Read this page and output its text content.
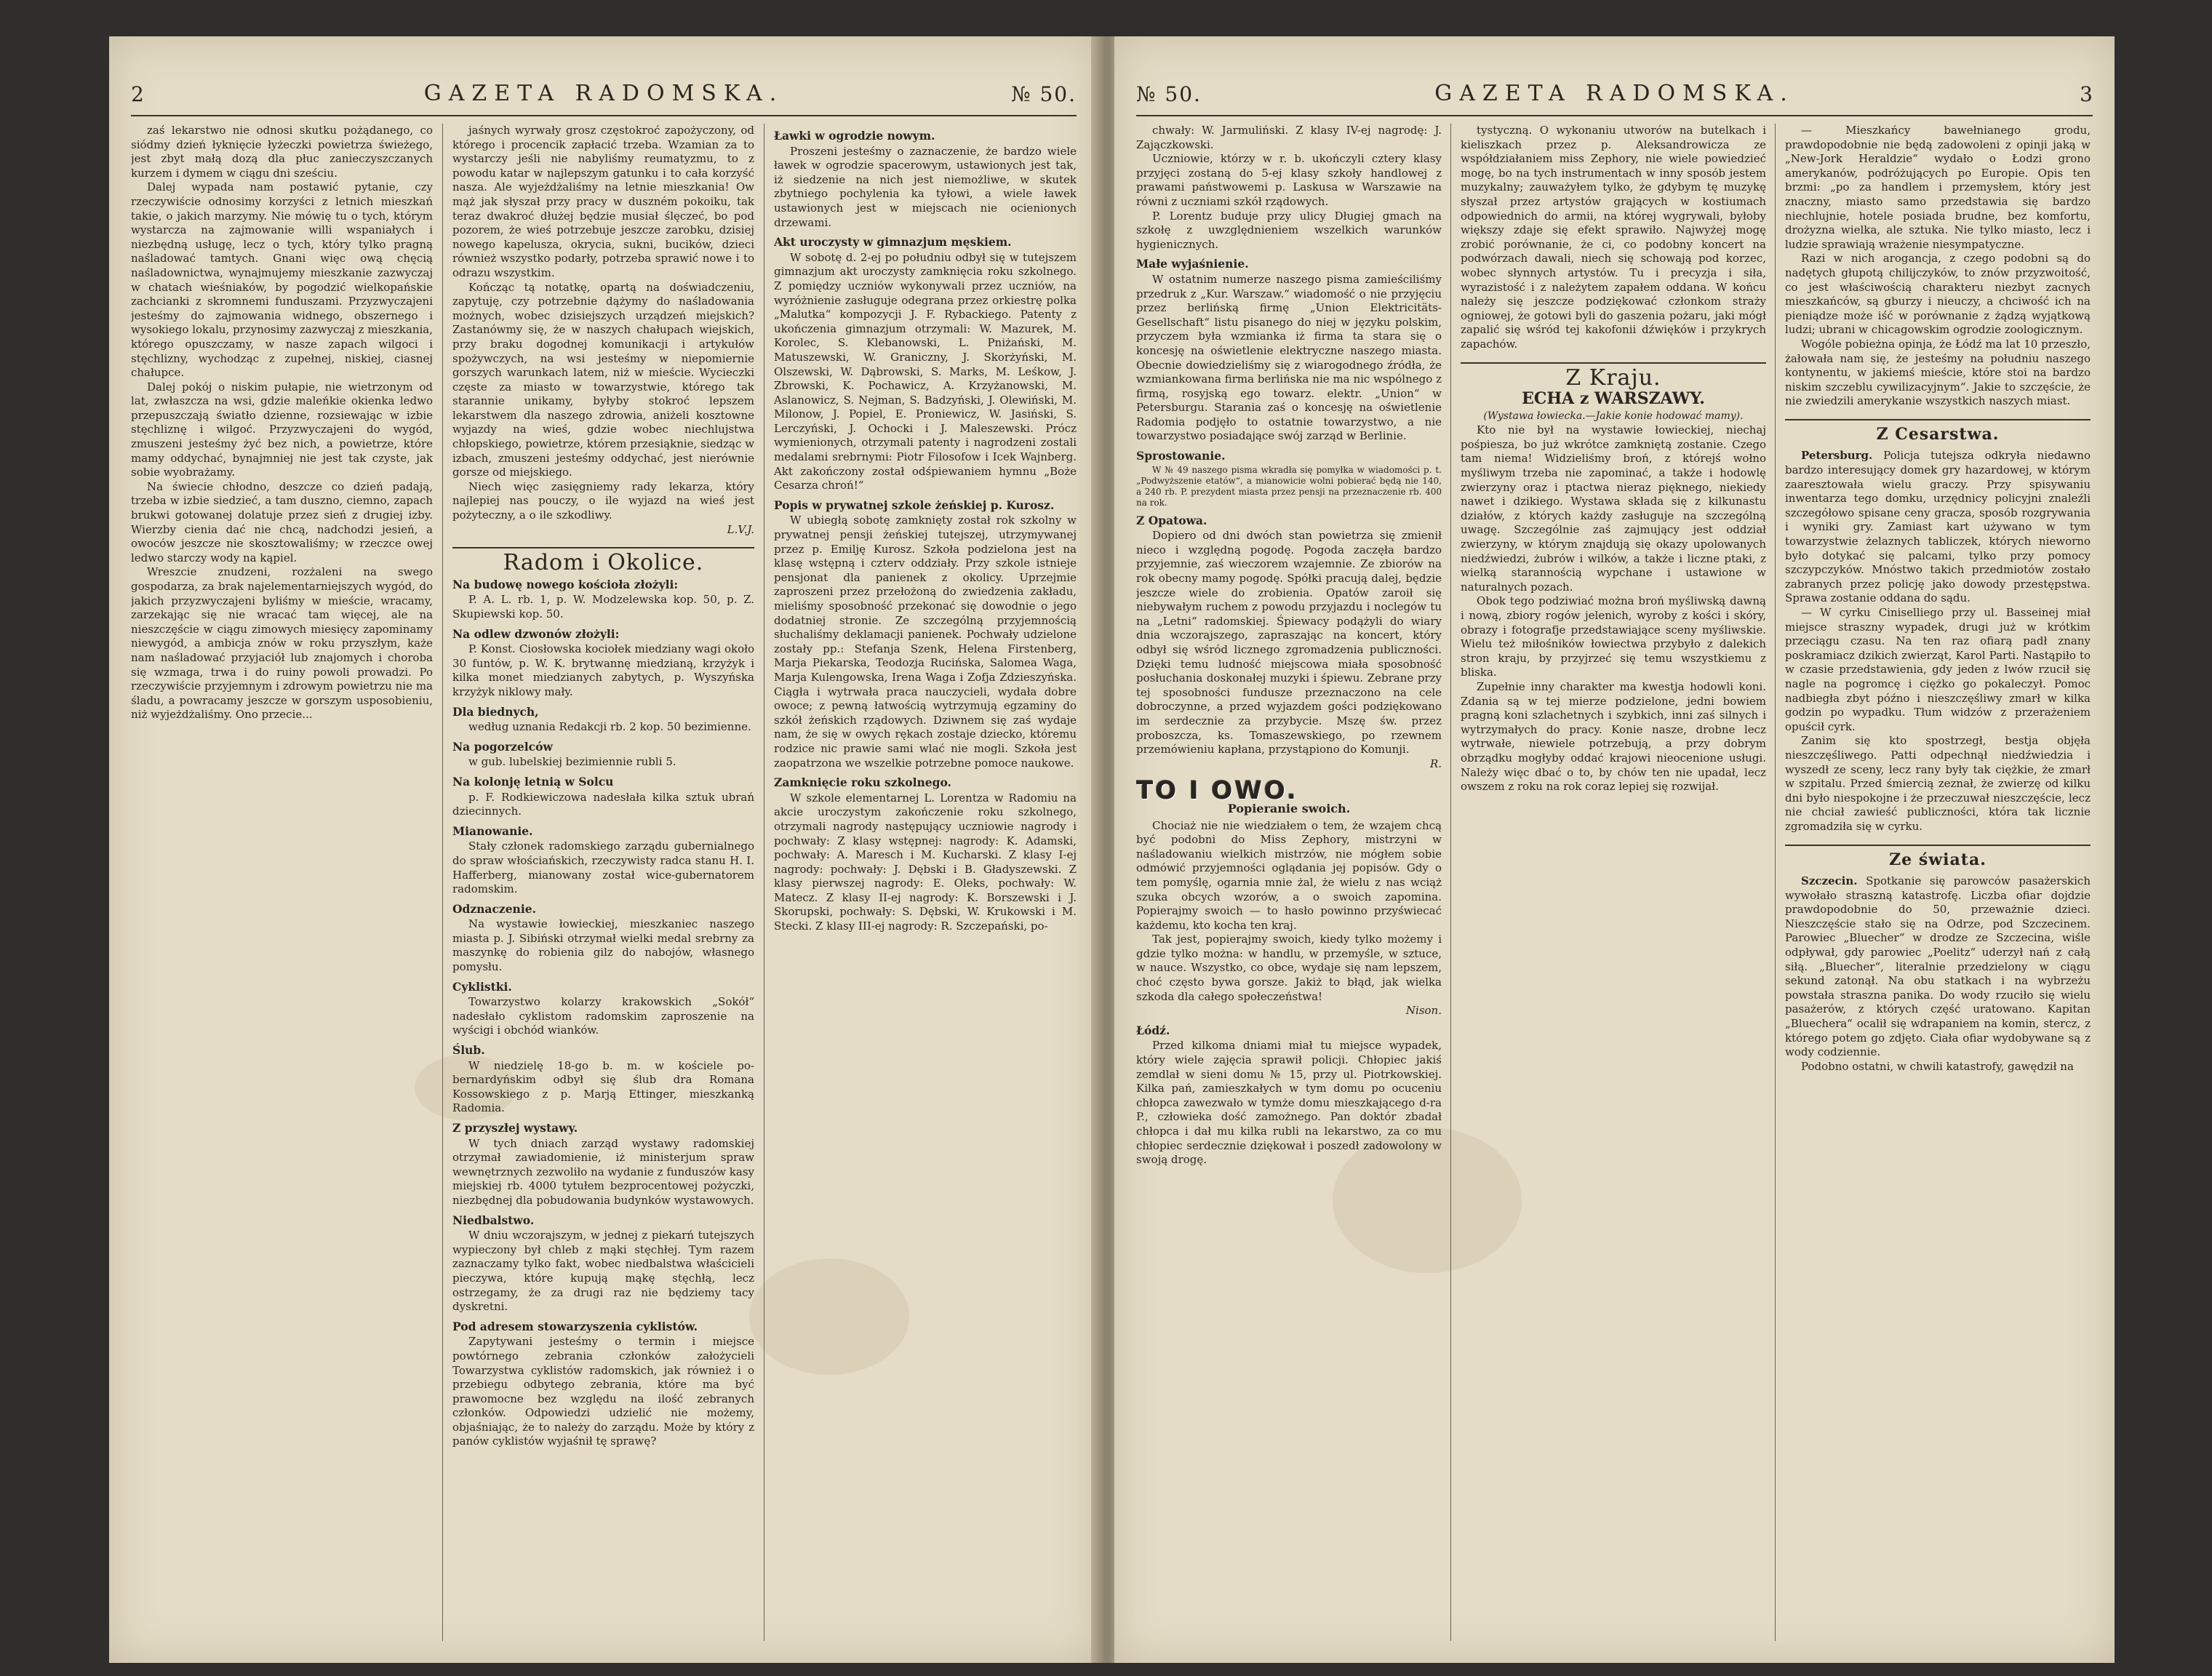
2	GAZETA RADOMSKA.	№ 50.

zaś lekarstwo nie odnosi skutku pożądanego, co siódmy dzień łyknięcie łyżeczki powietrza świeżego, jest zbyt małą dozą dla płuc zanieczyszczanych kurzem i dymem w ciągu dni sześciu.

Dalej wypada nam postawić pytanie, czy rzeczywiście odnosimy korzyści z letnich mieszkań takie, o jakich marzymy. Nie mówię tu o tych, którym wystarcza na zajmowanie willi wspaniałych i niezbędną usługę, lecz o tych, który tylko pragną naśladować tamtych. Gnani więc ową chęcią naśladownictwa, wynajmujemy mieszkanie zazwyczaj w chatach wieśniaków, by pogodzić wielkopańskie zachcianki z skromnemi funduszami. Przyzwyczajeni jesteśmy do zajmowania widnego, obszernego i wysokiego lokalu, przynosimy zazwyczaj z mieszkania, którego opuszczamy, w nasze zapach wilgoci i stęchlizny, wychodząc z zupełnej, niskiej, ciasnej chałupce.

Dalej pokój o niskim pułapie, nie wietrzonym od lat, zwłaszcza na wsi, gdzie maleńkie okienka ledwo przepuszczają światło dzienne, rozsiewając w izbie stęchliznę i wilgoć. Przyzwyczajeni do wygód, zmuszeni jesteśmy żyć bez nich, a powietrze, które mamy oddychać, bynajmniej nie jest tak czyste, jak sobie wyobrażamy.

Na świecie chłodno, deszcze co dzień padają, trzeba w izbie siedzieć, a tam duszno, ciemno, zapach brukwi gotowanej dolatuje przez sień z drugiej izby. Wierzby cienia dać nie chcą, nadchodzi jesień, a owoców jeszcze nie skosztowaliśmy; w rzeczce owej ledwo starczy wody na kąpiel.

Wreszcie znudzeni, rozżaleni na swego gospodarza, za brak najelementarniejszych wygód, do jakich przyzwyczajeni byliśmy w mieście, wracamy, zarzekając się nie wracać tam więcej, ale na nieszczęście w ciągu zimowych miesięcy zapominamy niewygód, a ambicja znów w roku przyszłym, każe nam naśladować przyjaciół lub znajomych i choroba się wzmaga, trwa i do ruiny powoli prowadzi. Po rzeczywiście przyjemnym i zdrowym powietrzu nie ma śladu, a powracamy jeszcze w gorszym usposobieniu, niż wyjeżdżaliśmy. Ono przecie...

jaśnych wyrwały grosz częstokroć zapożyczony, od którego i procencik zapłacić trzeba. Wzamian za to wystarczy jeśli nie nabyliśmy reumatyzmu, to z powodu katar w najlepszym gatunku i to cała korzyść nasza. Ale wyjeżdżaliśmy na letnie mieszkania! Ow mąż jak słyszał przy pracy w duszném pokoiku, tak teraz dwakroć dłużej będzie musiał ślęczeć, bo pod pozorem, że wieś potrzebuje jeszcze zarobku, dzisiej nowego kapelusza, okrycia, sukni, bucików, dzieci również wszystko podarły, potrzeba sprawić nowe i to odrazu wszystkim.

Kończąc tą notatkę, opartą na doświadczeniu, zapytuję, czy potrzebnie dążymy do naśladowania możnych, wobec dzisiejszych urządzeń miejskich? Zastanówmy się, że w naszych chałupach wiejskich, przy braku dogodnej komunikacji i artykułów spożywczych, na wsi jesteśmy w niepomiernie gorszych warunkach latem, niż w mieście. Wycieczki częste za miasto w towarzystwie, którego tak starannie unikamy, byłyby stokroć lepszem lekarstwem dla naszego zdrowia, aniżeli kosztowne wyjazdy na wieś, gdzie wobec niechlujstwa chłopskiego, powietrze, którem przesiąknie, siedząc w izbach, zmuszeni jesteśmy oddychać, jest nierównie gorsze od miejskiego.

Niech więc zasięgniemy rady lekarza, który najlepiej nas pouczy, o ile wyjazd na wieś jest pożyteczny, a o ile szkodliwy.

L.V.J.

Radom i Okolice.
Na budowę nowego kościoła złożyli:

P. A. L. rb. 1, p. W. Modzelewska kop. 50, p. Z. Skupiewski kop. 50.

Na odlew dzwonów złożyli:

P. Konst. Ciosłowska kociołek miedziany wagi około 30 funtów, p. W. K. brytwannę miedzianą, krzyżyk i kilka monet miedzianych zabytych, p. Wyszyńska krzyżyk niklowy mały.

Dla biednych,

według uznania Redakcji rb. 2 kop. 50 bezimienne.

Na pogorzelców

w gub. lubelskiej bezimiennie rubli 5.

Na kolonję letnią w Solcu

p. F. Rodkiewiczowa nadesłała kilka sztuk ubrań dziecinnych.

Mianowanie.

Stały członek radomskiego zarządu gubernialnego do spraw włościańskich, rzeczywisty radca stanu H. I. Hafferberg, mianowany został wice-gubernatorem radomskim.

Odznaczenie.

Na wystawie łowieckiej, mieszkaniec naszego miasta p. J. Sibiński otrzymał wielki medal srebrny za maszynkę do robienia gilz do nabojów, własnego pomysłu.

Cyklistki.

Towarzystwo kolarzy krakowskich „Sokół“ nadesłało cyklistom radomskim zaproszenie na wyścigi i obchód wianków.

Ślub.

W niedzielę 18-go b. m. w kościele po-bernardyńskim odbył się ślub dra Romana Kossowskiego z p. Marją Ettinger, mieszkanką Radomia.

Z przyszłej wystawy.

W tych dniach zarząd wystawy radomskiej otrzymał zawiadomienie, iż ministerjum spraw wewnętrznych zezwoliło na wydanie z funduszów kasy miejskiej rb. 4000 tytułem bezprocentowej pożyczki, niezbędnej dla pobudowania budynków wystawowych.

Niedbalstwo.

W dniu wczorajszym, w jednej z piekarń tutejszych wypieczony był chleb z mąki stęchłej. Tym razem zaznaczamy tylko fakt, wobec niedbalstwa właścicieli pieczywa, które kupują mąkę stęchłą, lecz ostrzegamy, że za drugi raz nie będziemy tacy dyskretni.

Pod adresem stowarzyszenia cyklistów.

Zapytywani jesteśmy o termin i miejsce powtórnego zebrania członków założycieli Towarzystwa cyklistów radomskich, jak również i o przebiegu odbytego zebrania, które ma być prawomocne bez względu na ilość zebranych członków. Odpowiedzi udzielić nie możemy, objaśniając, że to należy do zarządu. Może by który z panów cyklistów wyjaśnił tę sprawę?

Ławki w ogrodzie nowym.

Proszeni jesteśmy o zaznaczenie, że bardzo wiele ławek w ogrodzie spacerowym, ustawionych jest tak, iż siedzenie na nich jest niemożliwe, w skutek zbytniego pochylenia ka tyłowi, a wiele ławek ustawionych jest w miejscach nie ocienionych drzewami.

Akt uroczysty w gimnazjum męskiem.

W sobotę d. 2-ej po południu odbył się w tutejszem gimnazjum akt uroczysty zamknięcia roku szkolnego. Z pomiędzy uczniów wykonywali przez uczniów, na wyróżnienie zasługuje odegrana przez orkiestrę polka „Malutka“ kompozycji J. F. Rybackiego. Patenty z ukończenia gimnazjum otrzymali: W. Mazurek, M. Korolec, S. Klebanowski, L. Pniżański, M. Matuszewski, W. Graniczny, J. Skorżyński, M. Olszewski, W. Dąbrowski, S. Marks, M. Leśkow, J. Zbrowski, K. Pochawicz, A. Krzyżanowski, M. Aslanowicz, S. Nejman, S. Badzyński, J. Olewiński, M. Milonow, J. Popiel, E. Proniewicz, W. Jasiński, S. Lerczyński, J. Ochocki i J. Maleszewski. Prócz wymienionych, otrzymali patenty i nagrodzeni zostali medalami srebrnymi: Piotr Filosofow i Icek Wajnberg. Akt zakończony został odśpiewaniem hymnu „Boże Cesarza chroń!“

Popis w prywatnej szkole żeńskiej p. Kurosz.

W ubiegłą sobotę zamknięty został rok szkolny w prywatnej pensji żeńskiej tutejszej, utrzymywanej przez p. Emilję Kurosz. Szkoła podzielona jest na klasę wstępną i czterv oddziały. Przy szkole istnieje pensjonat dla panienek z okolicy. Uprzejmie zaproszeni przez przełożoną do zwiedzenia zakładu, mieliśmy sposobność przekonać się dowodnie o jego dodatniej stronie. Ze szczególną przyjemnością słuchaliśmy deklamacji panienek. Pochwały udzielone zostały pp.: Stefanja Szenk, Helena Firstenberg, Marja Piekarska, Teodozja Rucińska, Salomea Waga, Marja Kulengowska, Irena Waga i Zofja Zdzieszyńska. Ciągła i wytrwała praca nauczycieli, wydała dobre owoce; z pewną łatwością wytrzymują egzaminy do szkół żeńskich rządowych. Dziwnem się zaś wydaje nam, że się w owych rękach zostaje dziecko, któremu rodzice nic prawie sami wlać nie mogli. Szkoła jest zaopatrzona we wszelkie potrzebne pomoce naukowe.

Zamknięcie roku szkolnego.

W szkole elementarnej L. Lorentza w Radomiu na akcie uroczystym zakończenie roku szkolnego, otrzymali nagrody następujący uczniowie nagrody i pochwały: Z klasy wstępnej: nagrody: K. Adamski, pochwały: A. Maresch i M. Kucharski. Z klasy I-ej nagrody: pochwały: J. Dębski i B. Gładyszewski. Z klasy pierwszej nagrody: E. Oleks, pochwały: W. Matecz. Z klasy II-ej nagrody: K. Borszewski i J. Skorupski, pochwały: S. Dębski, W. Krukowski i M. Stecki. Z klasy III-ej nagrody: R. Szczepański, po-

№ 50.	GAZETA RADOMSKA.	3

chwały: W. Jarmuliński. Z klasy IV-ej nagrodę: J. Zajączkowski.

Uczniowie, którzy w r. b. ukończyli cztery klasy przyjęci zostaną do 5-ej klasy szkoły handlowej z prawami państwowemi p. Laskusa w Warszawie na równi z uczniami szkół rządowych.

P. Lorentz buduje przy ulicy Długiej gmach na szkołę z uwzględnieniem wszelkich warunków hygienicznych.

Małe wyjaśnienie.

W ostatnim numerze naszego pisma zamieściliśmy przedruk z „Kur. Warszaw.“ wiadomość o nie przyjęciu przez berlińską firmę „Union Elektricitäts-Gesellschaft“ listu pisanego do niej w języku polskim, przyczem była wzmianka iż firma ta stara się o koncesję na oświetlenie elektryczne naszego miasta. Obecnie dowiedzieliśmy się z wiarogodnego źródła, że wzmiankowana firma berlińska nie ma nic wspólnego z firmą, rosyjską ego towarz. elektr. „Union“ w Petersburgu. Starania zaś o koncesję na oświetlenie Radomia podjęło to ostatnie towarzystwo, a nie towarzystwo posiadające swój zarząd w Berlinie.

Sprostowanie.

W № 49 naszego pisma wkradła się pomyłka w wiadomości p. t. „Podwyższenie etatów“, a mianowicie wolni pobierać będą nie 140, a 240 rb. P. prezydent miasta przez pensji na przeznaczenie rb. 400 na rok.

Z Opatowa.

Dopiero od dni dwóch stan powietrza się zmienił nieco i względną pogodę. Pogoda zaczęła bardzo przyjemnie, zaś wieczorem wzajemnie. Ze zbiorów na rok obecny mamy pogodę. Spółki pracują dalej, będzie jeszcze wiele do zrobienia. Opatów zaroił się niebywałym ruchem z powodu przyjazdu i noclegów tu na „Letni“ radomskiej. Śpiewacy podążyli do wiary dnia wczorajszego, zapraszając na koncert, który odbył się wśród licznego zgromadzenia publiczności. Dzięki temu ludność miejscowa miała sposobność posłuchania doskonałej muzyki i śpiewu. Zebrane przy tej sposobności fundusze przeznaczono na cele dobroczynne, a przed wyjazdem gości podziękowano im serdecznie za przybycie. Mszę św. przez proboszcza, ks. Tomaszewskiego, po rzewnem przemówieniu kapłana, przystąpiono do Komunji.

R.

TO I OWO.
Popieranie swoich.

Chociaż nie nie wiedziałem o tem, że wzajem chcą być podobni do Miss Zephory, mistrzyni w naśladowaniu wielkich mistrzów, nie mógłem sobie odmówić przyjemności oglądania jej popisów. Gdy o tem pomyślę, ogarnia mnie żal, że wielu z nas wciąż szuka obcych wzorów, a o swoich zapomina. Popierajmy swoich — to hasło powinno przyświecać każdemu, kto kocha ten kraj.

Tak jest, popierajmy swoich, kiedy tylko możemy i gdzie tylko można: w handlu, w przemyśle, w sztuce, w nauce. Wszystko, co obce, wydaje się nam lepszem, choć często bywa gorsze. Jakiż to błąd, jak wielka szkoda dla całego społeczeństwa!

Nison.

Łódź.

Przed kilkoma dniami miał tu miejsce wypadek, który wiele zajęcia sprawił policji. Chłopiec jakiś zemdlał w sieni domu № 15, przy ul. Piotrkowskiej. Kilka pań, zamieszkałych w tym domu po ocuceniu chłopca zawezwało w tymże domu mieszkającego d-ra P., człowieka dość zamożnego. Pan doktór zbadał chłopca i dał mu kilka rubli na lekarstwo, za co mu chłopiec serdecznie dziękował i poszedł zadowolony w swoją drogę.

tystyczną. O wykonaniu utworów na butelkach i kieliszkach przez p. Aleksandrowicza ze współdziałaniem miss Zephory, nie wiele powiedzieć mogę, bo na tych instrumentach w inny sposób jestem muzykalny; zauważyłem tylko, że gdybym tę muzykę słyszał przez artystów grających w kostiumach odpowiednich do armii, na której wygrywali, byłoby większy zdaje się efekt sprawiło. Najwyżej mogę zrobić porównanie, że ci, co podobny koncert na podwórzach dawali, niech się schowają pod korzec, wobec słynnych artystów. Tu i precyzja i siła, wyrazistość i z należytem zapałem oddana. W końcu należy się jeszcze podziękować członkom straży ogniowej, że gotowi byli do gaszenia pożaru, jaki mógł zapalić się wśród tej kakofonii dźwięków i przykrych zapachów.

Z Kraju.
ECHA z WARSZAWY.
(Wystawa łowiecka.—Jakie konie hodować mamy).

Kto nie był na wystawie łowieckiej, niechaj pośpiesza, bo już wkrótce zamkniętą zostanie. Czego tam niema! Widzieliśmy broń, z którejś wołno myśliwym trzeba nie zapominać, a także i hodowlę zwierzyny oraz i ptactwa nieraz pięknego, niekiedy nawet i dzikiego. Wystawa składa się z kilkunastu działów, z których każdy zasługuje na szczególną uwagę. Szczególnie zaś zajmujący jest oddział zwierzyny, w którym znajdują się okazy upolowanych niedźwiedzi, żubrów i wilków, a także i liczne ptaki, z wielką starannością wypchane i ustawione w naturalnych pozach.

Obok tego podziwiać można broń myśliwską dawną i nową, zbiory rogów jelenich, wyroby z kości i skóry, obrazy i fotografje przedstawiające sceny myśliwskie. Wielu też miłośników łowiectwa przybyło z dalekich stron kraju, by przyjrzeć się temu wszystkiemu z bliska.

Zupełnie inny charakter ma kwestja hodowli koni. Zdania są w tej mierze podzielone, jedni bowiem pragną koni szlachetnych i szybkich, inni zaś silnych i wytrzymałych do pracy. Konie nasze, drobne lecz wytrwałe, niewiele potrzebują, a przy dobrym obrządku mogłyby oddać krajowi nieocenione usługi. Należy więc dbać o to, by chów ten nie upadał, lecz owszem z roku na rok coraz lepiej się rozwijał.

— Mieszkańcy bawełnianego grodu, prawdopodobnie nie będą zadowoleni z opinji jaką w „New-Jork Heraldzie“ wydało o Łodzi grono amerykanów, podróżujących po Europie. Opis ten brzmi: „po za handlem i przemysłem, który jest znaczny, miasto samo przedstawia się bardzo niechlujnie, hotele posiada brudne, bez komfortu, drożyzna wielka, ale sztuka. Nie tylko miasto, lecz i ludzie sprawiają wrażenie niesympatyczne.

Razi w nich arogancja, z czego podobni są do nadętych głupotą chilijczyków, to znów przyzwoitość, co jest właściwością charakteru niezbyt zacnych mieszkańców, są gburzy i nieuczy, a chciwość ich na pieniądze może iść w porównanie z żądzą wyjątkową ludzi; ubrani w chicagowskim ogrodzie zoologicznym.

Wogóle pobieżna opinja, że Łódź ma lat 10 przeszło, żałowała nam się, że jesteśmy na południu naszego kontynentu, w jakiemś mieście, które stoi na bardzo niskim szczeblu cywilizacyjnym“. Jakie to szczęście, że nie zwiedzili amerykanie wszystkich naszych miast.

Z Cesarstwa.

Petersburg. Policja tutejsza odkryła niedawno bardzo interesujący domek gry hazardowej, w którym zaaresztowała wielu graczy. Przy spisywaniu inwentarza tego domku, urzędnicy policyjni znaleźli szczegółowo spisane ceny gracza, sposób rozgrywania i wyniki gry. Zamiast kart używano w tym towarzystwie żelaznych tabliczek, których nieworno było dotykać się palcami, tylko przy pomocy szczypczyków. Mnóstwo takich przedmiotów zostało zabranych przez policję jako dowody przestępstwa. Sprawa zostanie oddana do sądu.

— W cyrku Ciniselliego przy ul. Basseinej miał miejsce straszny wypadek, drugi już w krótkim przeciągu czasu. Na ten raz ofiarą padł znany poskramiacz dzikich zwierząt, Karol Parti. Nastąpiło to w czasie przedstawienia, gdy jeden z lwów rzucił się nagle na pogromcę i ciężko go pokaleczył. Pomoc nadbiegła zbyt późno i nieszczęśliwy zmarł w kilka godzin po wypadku. Tłum widzów z przerażeniem opuścił cyrk.

Zanim się kto spostrzegł, bestja objęła nieszczęśliwego. Patti odpechnął niedźwiedzia i wyszedł ze sceny, lecz rany były tak ciężkie, że zmarł w szpitalu. Przed śmiercią zeznał, że zwierzę od kilku dni było niespokojne i że przeczuwał nieszczęście, lecz nie chciał zawieść publiczności, która tak licznie zgromadziła się w cyrku.

Ze świata.

Szczecin. Spotkanie się parowców pasażerskich wywołało straszną katastrofę. Liczba ofiar dojdzie prawdopodobnie do 50, przeważnie dzieci. Nieszczęście stało się na Odrze, pod Szczecinem. Parowiec „Bluecher“ w drodze ze Szczecina, wiśle odpływał, gdy parowiec „Poelitz“ uderzył nań z całą siłą. „Bluecher“, literalnie przedzielony w ciągu sekund zatonął. Na obu statkach i na wybrzeżu powstała straszna panika. Do wody rzuciło się wielu pasażerów, z których część uratowano. Kapitan „Bluechera“ ocalił się wdrapaniem na komin, stercz, z którego potem go zdjęto. Ciała ofiar wydobywane są z wody codziennie.

Podobno ostatni, w chwili katastrofy, gawędził na
